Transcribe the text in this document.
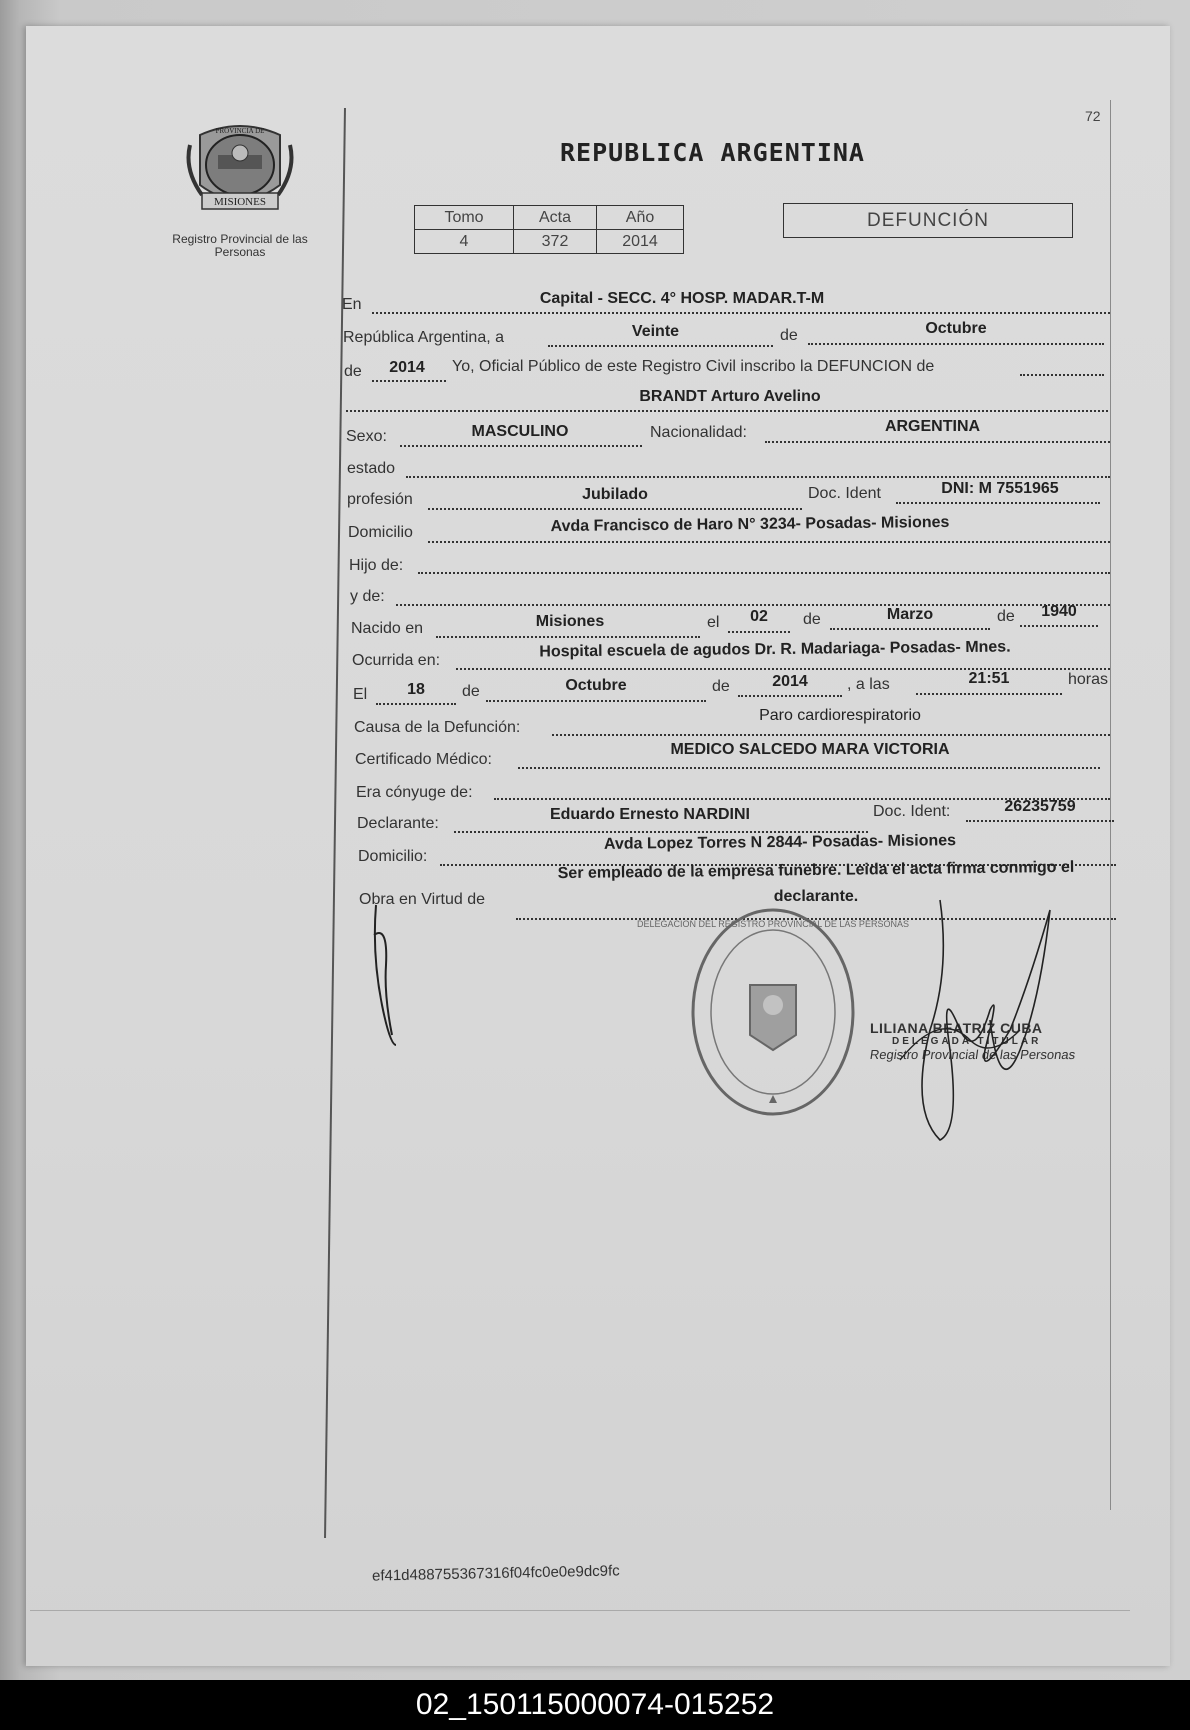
MISIONES
PROVINCIA DE
Registro Provincial de las Personas
72
REPUBLICA ARGENTINA
Tomo	Acta	Año
4	372	2014
DEFUNCIÓN
En	Capital - SECC. 4° HOSP. MADAR.T-M
República Argentina, a	Veinte	de	Octubre
de	2014	Yo, Oficial Público de este Registro Civil inscribo la DEFUNCION de
BRANDT Arturo Avelino
Sexo:	MASCULINO	Nacionalidad:	ARGENTINA
estado
profesión	Jubilado	Doc. Ident	DNI: M 7551965
Domicilio	Avda Francisco de Haro N° 3234- Posadas- Misiones
Hijo de:
y de:
Nacido en	Misiones	el	02	de	Marzo	de	1940
Ocurrida en:
Hospital escuela de agudos Dr. R. Madariaga- Posadas- Mnes.
El	18	de	Octubre	de	2014	, a las	21:51	horas
Causa de la Defunción:
Paro cardiorespiratorio
Certificado Médico:
MEDICO SALCEDO MARA VICTORIA
Era cónyuge de:
Declarante:
Eduardo Ernesto NARDINI	Doc. Ident:	26235759
Domicilio:
Avda Lopez Torres N 2844- Posadas- Misiones
Obra en Virtud de
Ser empleado de la empresa funebre. Leida el acta firma conmigo el
declarante.
DELEGACION DEL REGISTRO PROVINCIAL DE LAS PERSONAS
LILIANA BEATRIZ CUBA
DELEGADA TITULAR
Registro Provincial de las Personas
ef41d488755367316f04fc0e0e9dc9fc
02_150115000074-015252
